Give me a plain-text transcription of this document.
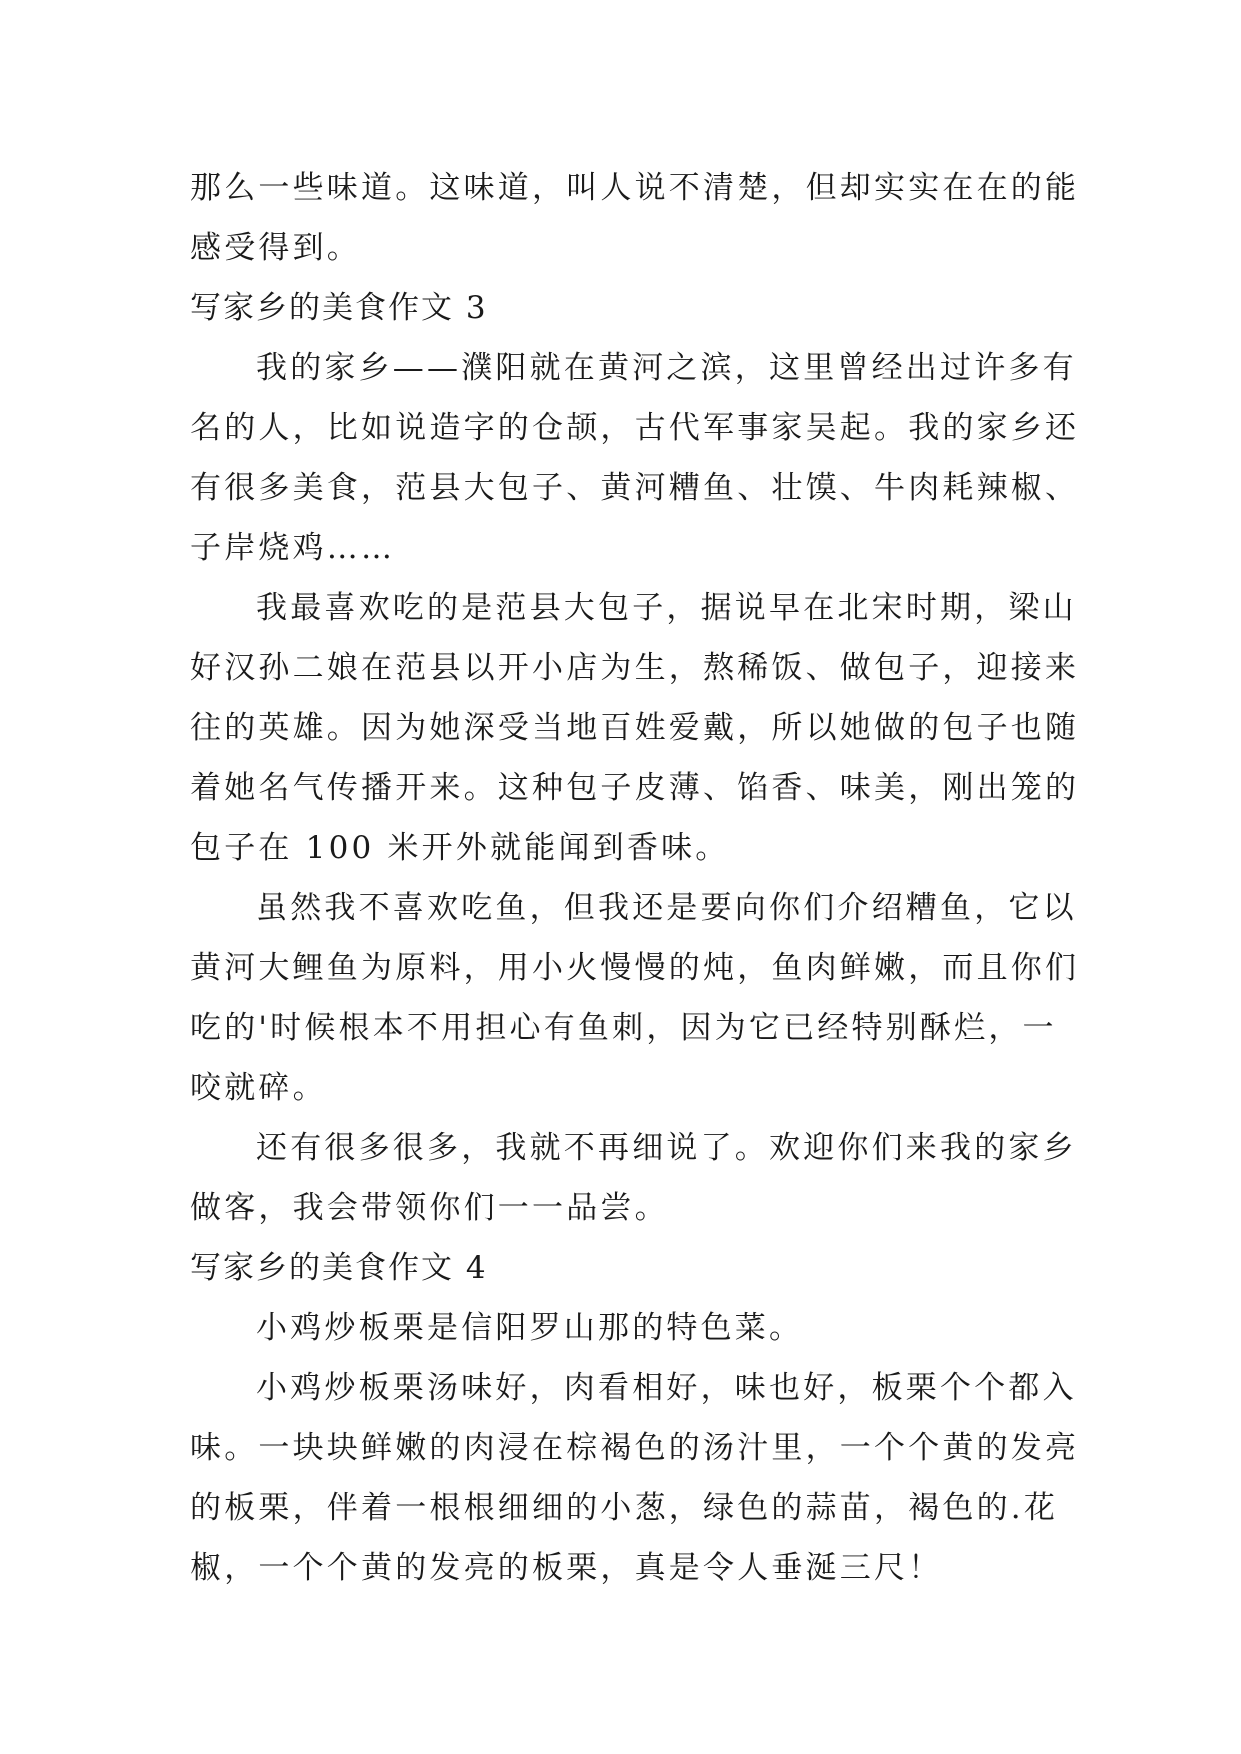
那么一些味道。这味道，叫人说不清楚，但却实实在在的能
感受得到。
写家乡的美食作文 3
我的家乡——濮阳就在黄河之滨，这里曾经出过许多有
名的人，比如说造字的仓颉，古代军事家吴起。我的家乡还
有很多美食，范县大包子、黄河糟鱼、壮馍、牛肉耗辣椒、
子岸烧鸡……
我最喜欢吃的是范县大包子，据说早在北宋时期，梁山
好汉孙二娘在范县以开小店为生，熬稀饭、做包子，迎接来
往的英雄。因为她深受当地百姓爱戴，所以她做的包子也随
着她名气传播开来。这种包子皮薄、馅香、味美，刚出笼的
包子在 100 米开外就能闻到香味。
虽然我不喜欢吃鱼，但我还是要向你们介绍糟鱼，它以
黄河大鲤鱼为原料，用小火慢慢的炖，鱼肉鲜嫩，而且你们
吃的'时候根本不用担心有鱼刺，因为它已经特别酥烂，一
咬就碎。
还有很多很多，我就不再细说了。欢迎你们来我的家乡
做客，我会带领你们一一品尝。
写家乡的美食作文 4
小鸡炒板栗是信阳罗山那的特色菜。
小鸡炒板栗汤味好，肉看相好，味也好，板栗个个都入
味。一块块鲜嫩的肉浸在棕褐色的汤汁里，一个个黄的发亮
的板栗，伴着一根根细细的小葱，绿色的蒜苗，褐色的.花
椒，一个个黄的发亮的板栗，真是令人垂涎三尺！
